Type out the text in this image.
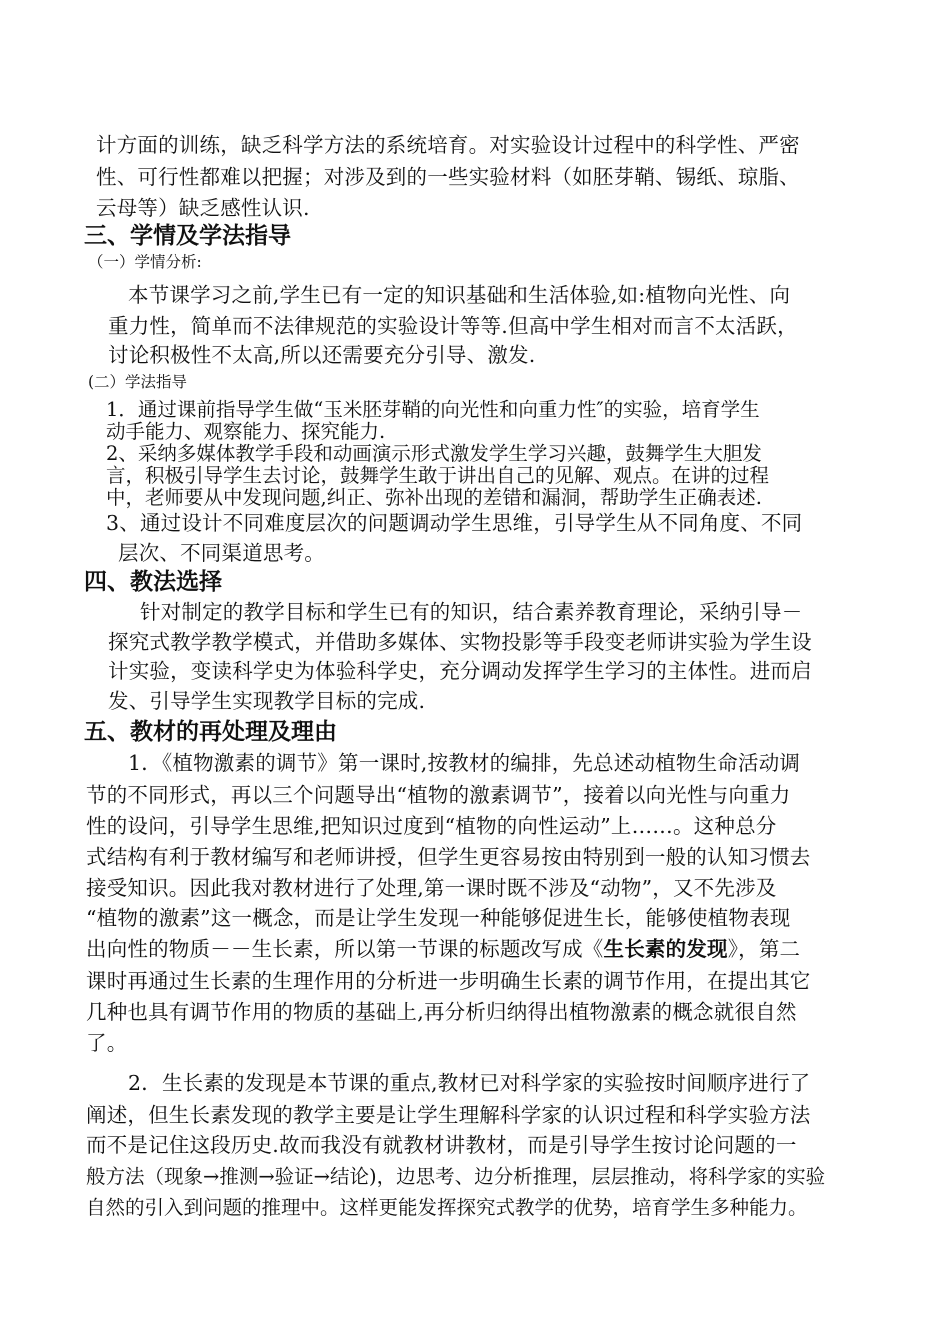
计方面的训练，缺乏科学方法的系统培育。对实验设计过程中的科学性、严密
性、可行性都难以把握；对涉及到的一些实验材料（如胚芽鞘、锡纸、琼脂、
云母等）缺乏感性认识.
三、学情及学法指导
（一）学情分析:
本节课学习之前,学生已有一定的知识基础和生活体验,如:植物向光性、向
重力性，简单而不法律规范的实验设计等等.但高中学生相对而言不太活跃，
讨论积极性不太高,所以还需要充分引导、激发.
(二）学法指导
1．通过课前指导学生做“玉米胚芽鞘的向光性和向重力性″的实验，培育学生
动手能力、观察能力、探究能力.
2、采纳多媒体教学手段和动画演示形式激发学生学习兴趣，鼓舞学生大胆发
言，积极引导学生去讨论，鼓舞学生敢于讲出自己的见解、观点。在讲的过程
中，老师要从中发现问题,纠正、弥补出现的差错和漏洞，帮助学生正确表述.
3、通过设计不同难度层次的问题调动学生思维，引导学生从不同角度、不同
层次、不同渠道思考。
四、教法选择
针对制定的教学目标和学生已有的知识，结合素养教育理论，采纳引导－
探究式教学教学模式，并借助多媒体、实物投影等手段变老师讲实验为学生设
计实验，变读科学史为体验科学史，充分调动发挥学生学习的主体性。进而启
发、引导学生实现教学目标的完成.
五、教材的再处理及理由
1．《植物激素的调节》第一课时,按教材的编排，先总述动植物生命活动调
节的不同形式，再以三个问题导出“植物的激素调节”，接着以向光性与向重力
性的设问，引导学生思维,把知识过度到“植物的向性运动”上……。这种总分
式结构有利于教材编写和老师讲授，但学生更容易按由特别到一般的认知习惯去
接受知识。因此我对教材进行了处理,第一课时既不涉及“动物”，又不先涉及
“植物的激素”这一概念，而是让学生发现一种能够促进生长，能够使植物表现
出向性的物质－－生长素，所以第一节课的标题改写成《生长素的发现》，第二
课时再通过生长素的生理作用的分析进一步明确生长素的调节作用，在提出其它
几种也具有调节作用的物质的基础上,再分析归纳得出植物激素的概念就很自然
了。
2．生长素的发现是本节课的重点,教材已对科学家的实验按时间顺序进行了
阐述，但生长素发现的教学主要是让学生理解科学家的认识过程和科学实验方法
而不是记住这段历史.故而我没有就教材讲教材，而是引导学生按讨论问题的一
般方法（现象→推测→验证→结论)，边思考、边分析推理，层层推动，将科学家的实验
自然的引入到问题的推理中。这样更能发挥探究式教学的优势，培育学生多种能力。
